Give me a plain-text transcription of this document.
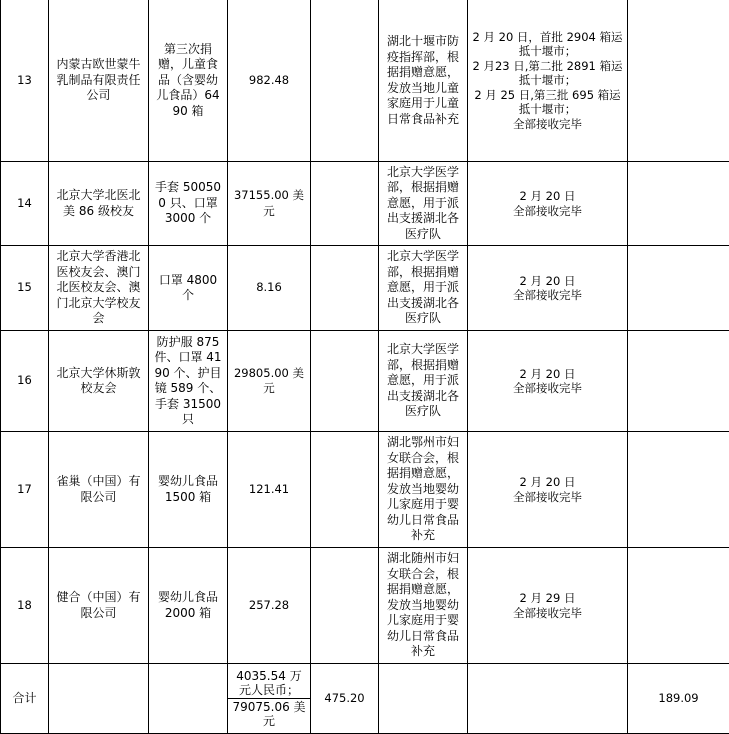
13	内蒙古欧世蒙牛乳制品有限责任公司	第三次捐赠，儿童食品（含婴幼儿食品）6490 箱	982.48		湖北十堰市防疫指挥部，根据捐赠意愿，发放当地儿童家庭用于儿童日常食品补充	2 月 20 日，首批 2904 箱运抵十堰市；
2 月23 日,第二批 2891 箱运抵十堰市；
2 月 25 日,第三批 695 箱运抵十堰市；
全部接收完毕	

14	北京大学北医北美 86 级校友	手套 500500 只、口罩 3000 个	37155.00 美元		北京大学医学部，根据捐赠意愿，用于派出支援湖北各医疗队	2 月 20 日
全部接收完毕	

15	北京大学香港北医校友会、澳门北医校友会、澳门北京大学校友会	口罩 4800 个	8.16		北京大学医学部，根据捐赠意愿，用于派出支援湖北各医疗队	2 月 20 日
全部接收完毕	

16	北京大学休斯敦校友会	防护服 875 件、口罩 4190 个、护目镜 589 个、手套 31500 只	29805.00 美元		北京大学医学部，根据捐赠意愿，用于派出支援湖北各医疗队	2 月 20 日
全部接收完毕	

17	雀巢（中国）有限公司	婴幼儿食品 1500 箱	121.41		湖北鄂州市妇女联合会，根据捐赠意愿，发放当地婴幼儿家庭用于婴幼儿日常食品补充	2 月 20 日
全部接收完毕	

18	健合（中国）有限公司	婴幼儿食品 2000 箱	257.28		湖北随州市妇女联合会，根据捐赠意愿，发放当地婴幼儿家庭用于婴幼儿日常食品补充	2 月 29 日
全部接收完毕	

合计			4035.54 万元人民币；
79075.06 美元	475.20			189.09
